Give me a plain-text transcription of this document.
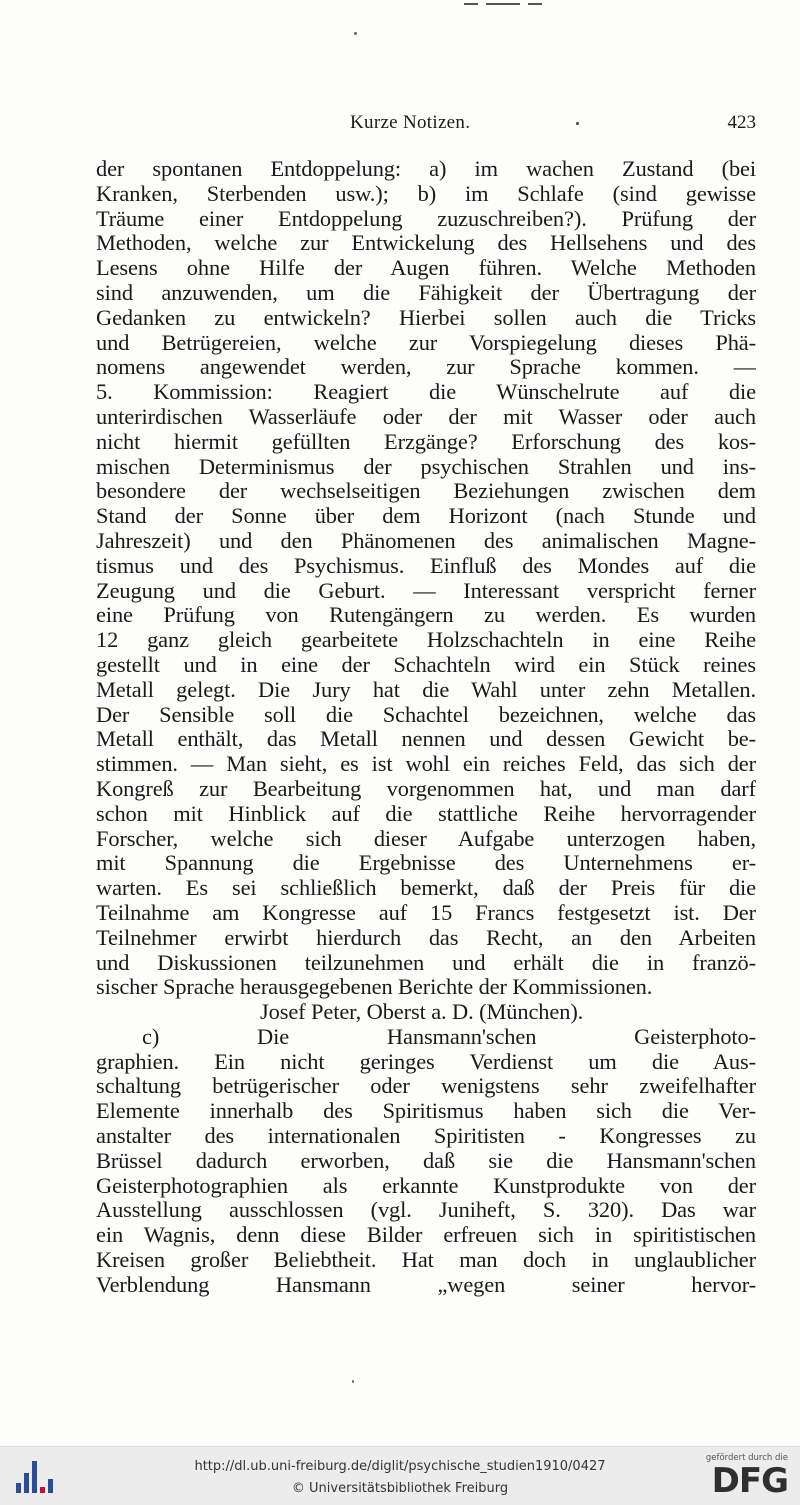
Kurze Notizen.	423
der spontanen Entdoppelung: a) im wachen Zustand (bei
Kranken, Sterbenden usw.); b) im Schlafe (sind gewisse
Träume einer Entdoppelung zuzuschreiben?). Prüfung der
Methoden, welche zur Entwickelung des Hellsehens und des
Lesens ohne Hilfe der Augen führen. Welche Methoden
sind anzuwenden, um die Fähigkeit der Übertragung der
Gedanken zu entwickeln? Hierbei sollen auch die Tricks
und Betrügereien, welche zur Vorspiegelung dieses Phä-
nomens angewendet werden, zur Sprache kommen. —
5. Kommission: Reagiert die Wünschelrute auf die
unterirdischen Wasserläufe oder der mit Wasser oder auch
nicht hiermit gefüllten Erzgänge? Erforschung des kos-
mischen Determinismus der psychischen Strahlen und ins-
besondere der wechselseitigen Beziehungen zwischen dem
Stand der Sonne über dem Horizont (nach Stunde und
Jahreszeit) und den Phänomenen des animalischen Magne-
tismus und des Psychismus. Einfluß des Mondes auf die
Zeugung und die Geburt. — Interessant verspricht ferner
eine Prüfung von Rutengängern zu werden. Es wurden
12 ganz gleich gearbeitete Holzschachteln in eine Reihe
gestellt und in eine der Schachteln wird ein Stück reines
Metall gelegt. Die Jury hat die Wahl unter zehn Metallen.
Der Sensible soll die Schachtel bezeichnen, welche das
Metall enthält, das Metall nennen und dessen Gewicht be-
stimmen. — Man sieht, es ist wohl ein reiches Feld, das sich der
Kongreß zur Bearbeitung vorgenommen hat, und man darf
schon mit Hinblick auf die stattliche Reihe hervorragender
Forscher, welche sich dieser Aufgabe unterzogen haben,
mit Spannung die Ergebnisse des Unternehmens er-
warten. Es sei schließlich bemerkt, daß der Preis für die
Teilnahme am Kongresse auf 15 Francs festgesetzt ist. Der
Teilnehmer erwirbt hierdurch das Recht, an den Arbeiten
und Diskussionen teilzunehmen und erhält die in franzö-
sischer Sprache herausgegebenen Berichte der Kommissionen.
Josef Peter, Oberst a. D. (München).
c) Die Hansmann'schen Geisterphoto-
graphien. Ein nicht geringes Verdienst um die Aus-
schaltung betrügerischer oder wenigstens sehr zweifelhafter
Elemente innerhalb des Spiritismus haben sich die Ver-
anstalter des internationalen Spiritisten - Kongresses zu
Brüssel dadurch erworben, daß sie die Hansmann'schen
Geisterphotographien als erkannte Kunstprodukte von der
Ausstellung ausschlossen (vgl. Juniheft, S. 320). Das war
ein Wagnis, denn diese Bilder erfreuen sich in spiritistischen
Kreisen großer Beliebtheit. Hat man doch in unglaublicher
Verblendung Hansmann „wegen seiner hervor-
http://dl.ub.uni-freiburg.de/diglit/psychische_studien1910/0427
© Universitätsbibliothek Freiburg
gefördert durch die
DFG
